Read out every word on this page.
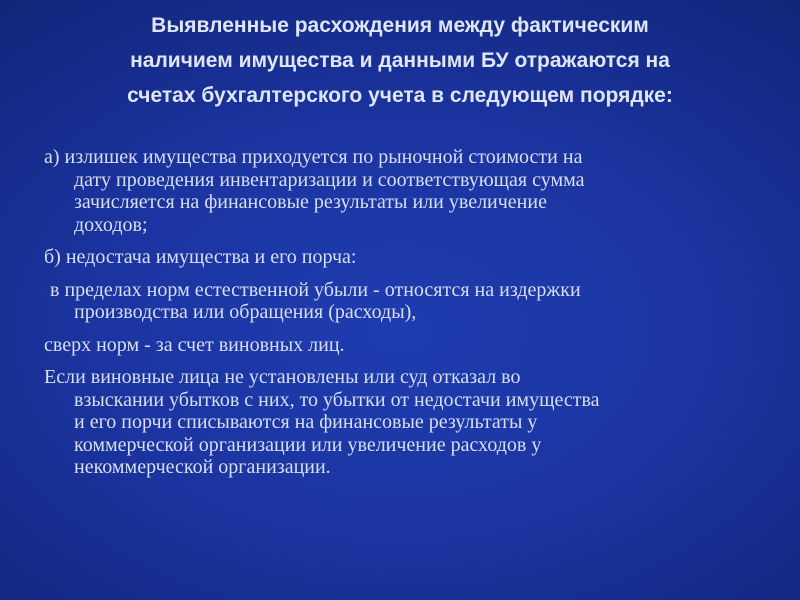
Выявленные расхождения между фактическим
наличием имущества и данными БУ отражаются на
счетах бухгалтерского учета в следующем порядке:
а) излишек имущества приходуется по рыночной стоимости на
дату проведения инвентаризации и соответствующая сумма
зачисляется на финансовые результаты или увеличение
доходов;
б) недостача имущества и его порча:
в пределах норм естественной убыли - относятся на издержки
производства или обращения (расходы),
сверх норм - за счет виновных лиц.
Если виновные лица не установлены или суд отказал во
взыскании убытков с них, то убытки от недостачи имущества
и его порчи списываются на финансовые результаты у
коммерческой организации или увеличение расходов у
некоммерческой организации.
